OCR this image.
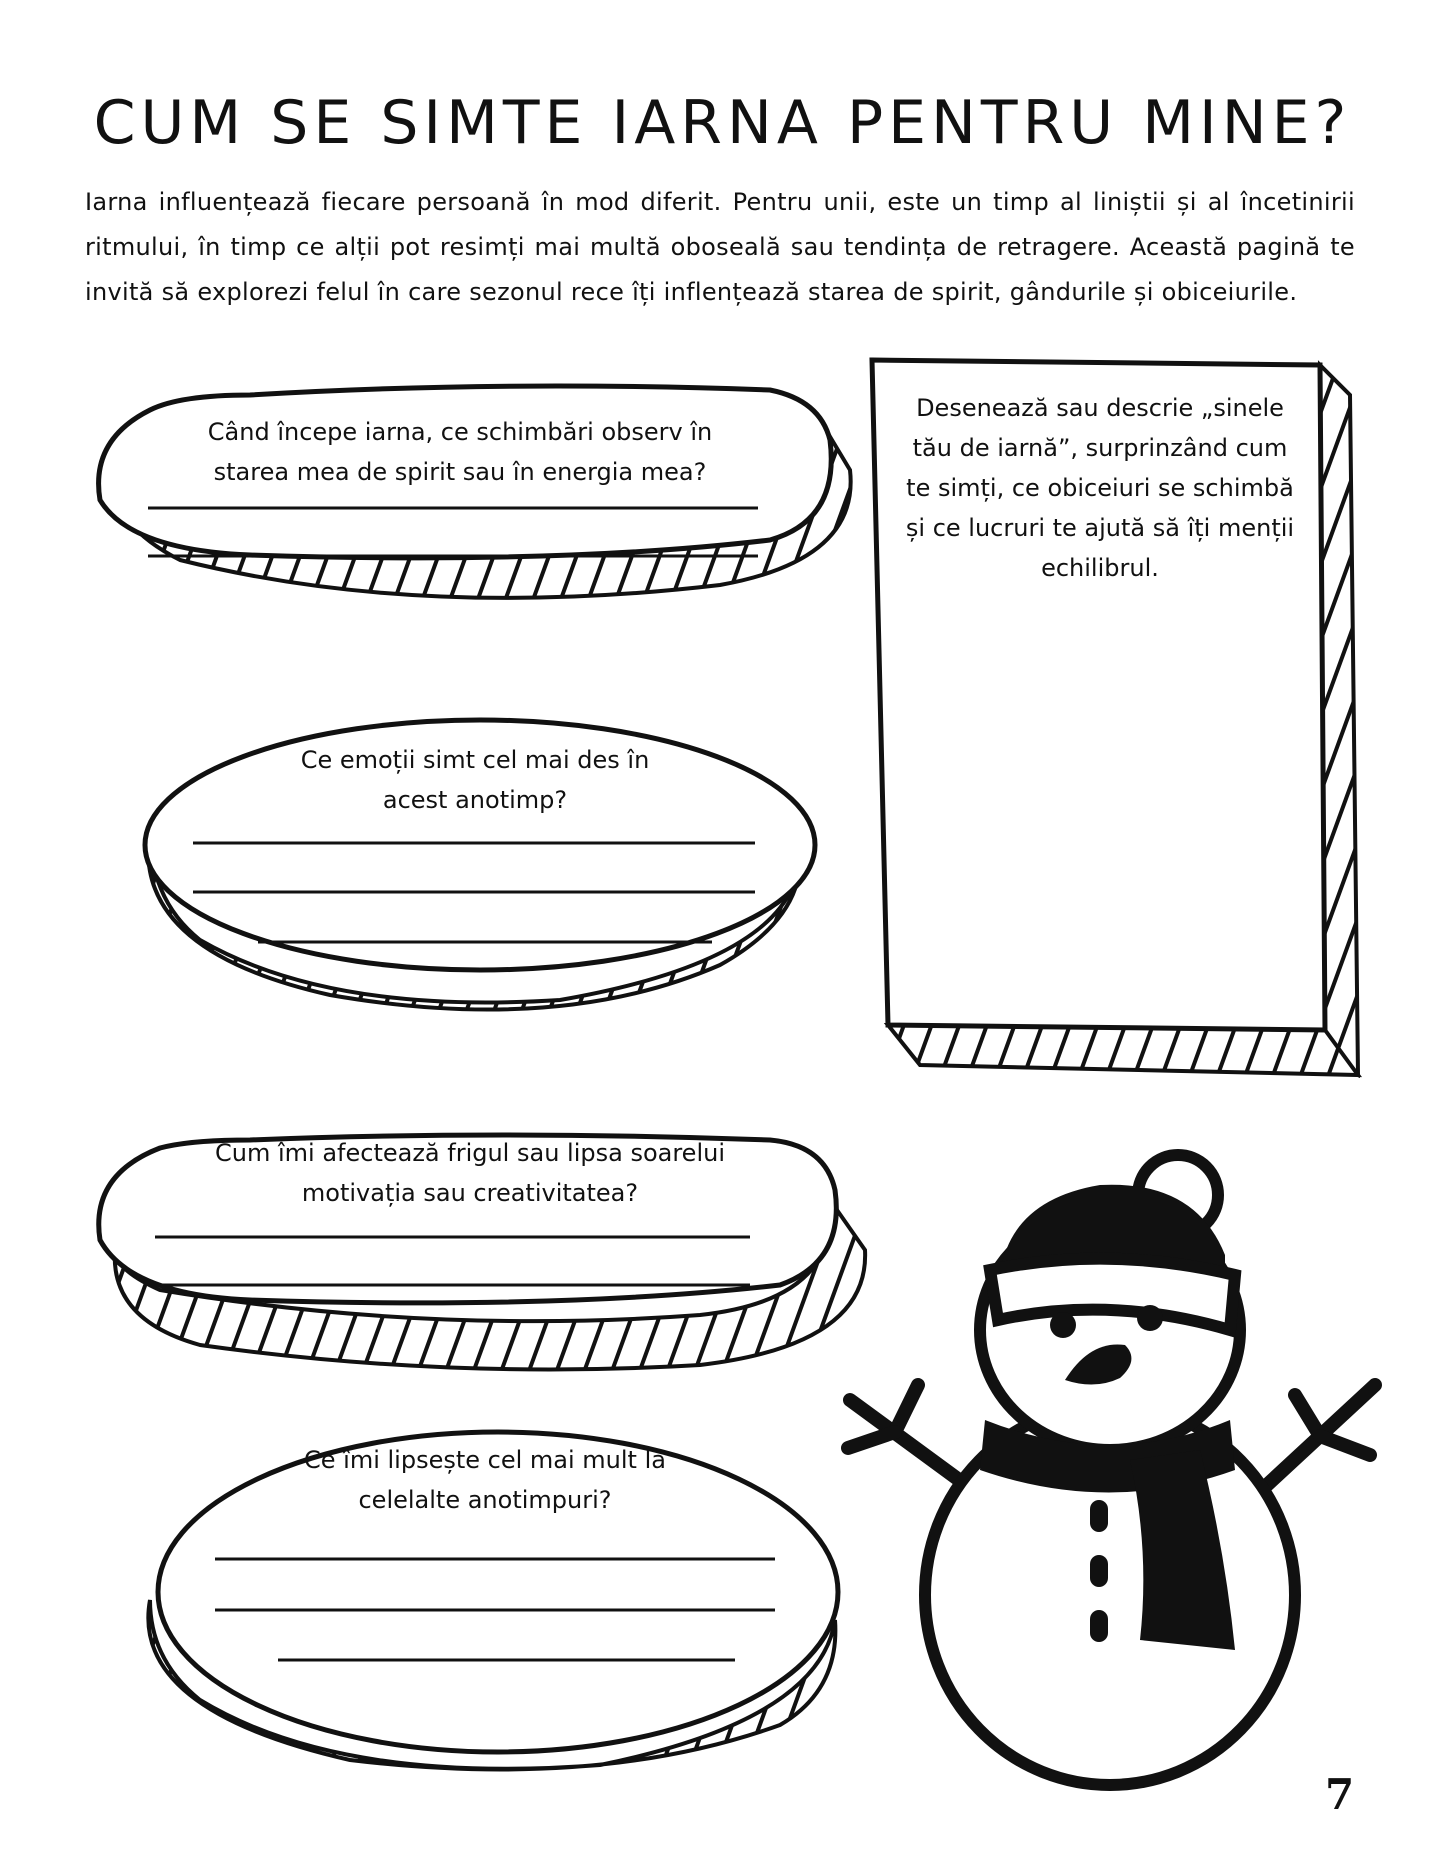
CUM SE SIMTE IARNA PENTRU MINE?

Iarna influențează fiecare persoană în mod diferit. Pentru unii, este un timp al liniștii și al încetinirii ritmului, în timp ce alții pot resimți mai multă oboseală sau tendința de retragere. Această pagină te invită să explorezi felul în care sezonul rece îți inflențează starea de spirit, gândurile și obiceiurile.

Când începe iarna, ce schimbări observ în starea mea de spirit sau în energia mea?

Ce emoții simt cel mai des în acest anotimp?

Cum îmi afectează frigul sau lipsa soarelui motivația sau creativitatea?

Ce îmi lipsește cel mai mult la celelalte anotimpuri?

Desenează sau descrie „sinele tău de iarnă”, surprinzând cum te simți, ce obiceiuri se schimbă și ce lucruri te ajută să îți menții echilibrul.

7
